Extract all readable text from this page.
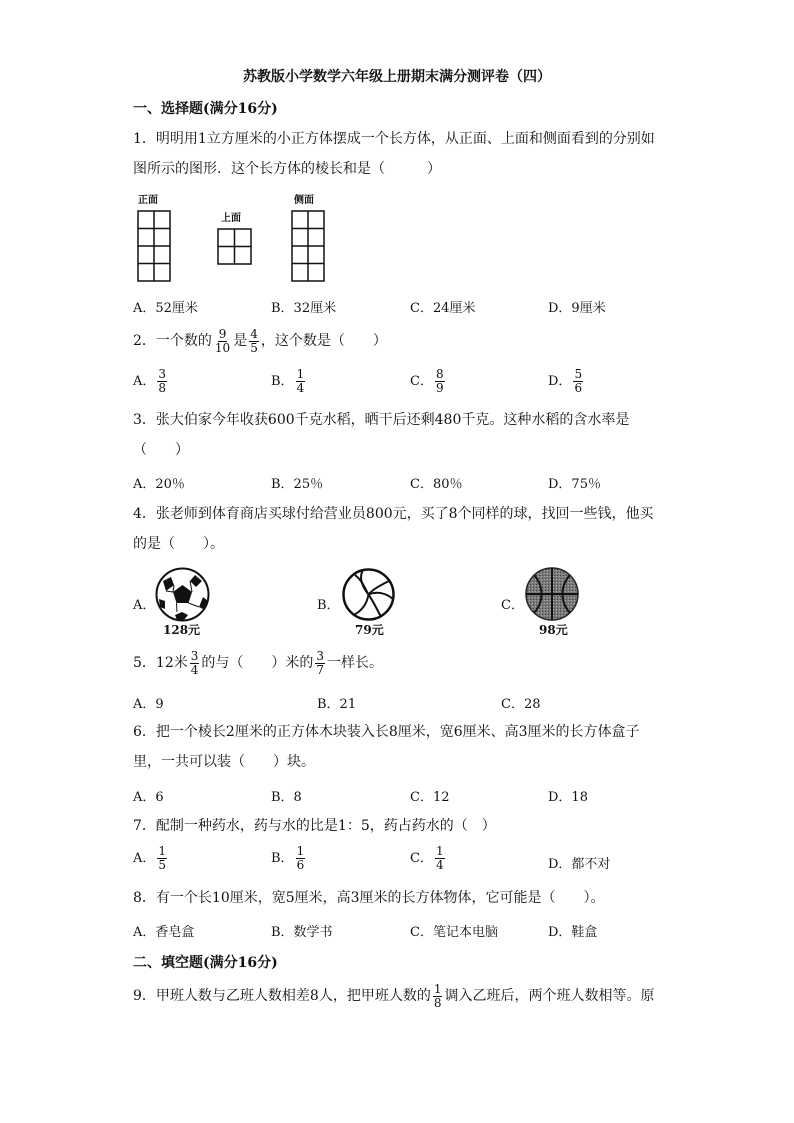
苏教版小学数学六年级上册期末满分测评卷（四）
一、选择题(满分16分)
1．明明用1立方厘米的小正方体摆成一个长方体，从正面、上面和侧面看到的分别如
图所示的图形．这个长方体的棱长和是（　　　）
正面
上面
侧面
A．52厘米	B．32厘米	C．24厘米	D．9厘米
2．一个数的 $\frac{9}{10}$ 是 $\frac{4}{5}$ ，这个数是（　　）
A． $\frac{3}{8}$	B． $\frac{1}{4}$	C． $\frac{8}{9}$	D． $\frac{5}{6}$
3．张大伯家今年收获600千克水稻，晒干后还剩480千克。这种水稻的含水率是
（　　）
A．20％	B．25％	C．80％	D．75％
4．张老师到体育商店买球付给营业员800元，买了8个同样的球，找回一些钱，他买
的是（　　）。
A．
128元
B．
79元
C．
98元
5．12米 $\frac{3}{4}$ 的与（　　）米的 $\frac{3}{7}$ 一样长。
A．9	B．21	C．28
6．把一个棱长2厘米的正方体木块装入长8厘米，宽6厘米、高3厘米的长方体盒子
里，一共可以装（　　）块。
A．6	B．8	C．12	D．18
7．配制一种药水，药与水的比是1：5，药占药水的（　）
A． $\frac{1}{5}$	B． $\frac{1}{6}$	C． $\frac{1}{4}$	D．都不对
8．有一个长10厘米，宽5厘米，高3厘米的长方体物体，它可能是（　　）。
A．香皂盒	B．数学书	C．笔记本电脑	D．鞋盒
二、填空题(满分16分)
9．甲班人数与乙班人数相差8人，把甲班人数的 $\frac{1}{8}$ 调入乙班后，两个班人数相等。原
